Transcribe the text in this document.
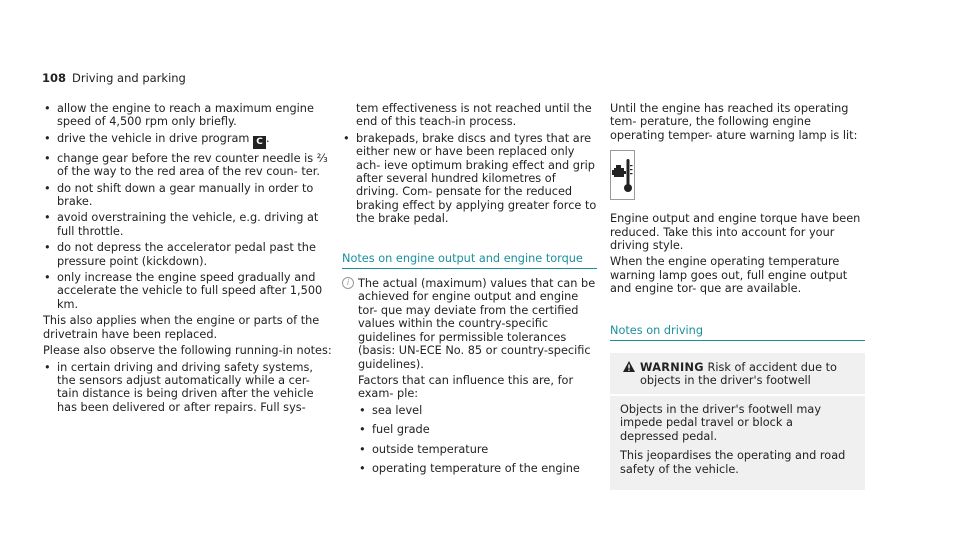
108 Driving and parking
• allow the engine to reach a maximum engine speed of 4,500 rpm only briefly.
• drive the vehicle in drive program C .
• change gear before the rev counter needle is ⅔ of the way to the red area of the rev coun- ter.
• do not shift down a gear manually in order to brake.
• avoid overstraining the vehicle, e.g. driving at full throttle.
• do not depress the accelerator pedal past the pressure point (kickdown).
• only increase the engine speed gradually and accelerate the vehicle to full speed after 1,500 km.

This also applies when the engine or parts of the drivetrain have been replaced.

Please also observe the following running-in notes:

• in certain driving and driving safety systems, the sensors adjust automatically while a cer- tain distance is being driven after the vehicle has been delivered or after repairs. Full sys-
tem effectiveness is not reached until the end of this teach-in process.
• brakepads, brake discs and tyres that are either new or have been replaced only ach- ieve optimum braking effect and grip after several hundred kilometres of driving. Com- pensate for the reduced braking effect by applying greater force to the brake pedal.
Notes on engine output and engine torque
i The actual (maximum) values that can be achieved for engine output and engine tor- que may deviate from the certified values within the country-specific guidelines for permissible tolerances (basis: UN-ECE No. 85 or country-specific guidelines).

Factors that can influence this are, for exam- ple:

• sea level
• fuel grade
• outside temperature
• operating temperature of the engine

Until the engine has reached its operating tem- perature, the following engine operating temper- ature warning lamp is lit:

Engine output and engine torque have been reduced. Take this into account for your driving style.

When the engine operating temperature warning lamp goes out, full engine output and engine tor- que are available.

Notes on driving
WARNING Risk of accident due to objects in the driver's footwell

Objects in the driver's footwell may impede pedal travel or block a depressed pedal.

This jeopardises the operating and road safety of the vehicle.
